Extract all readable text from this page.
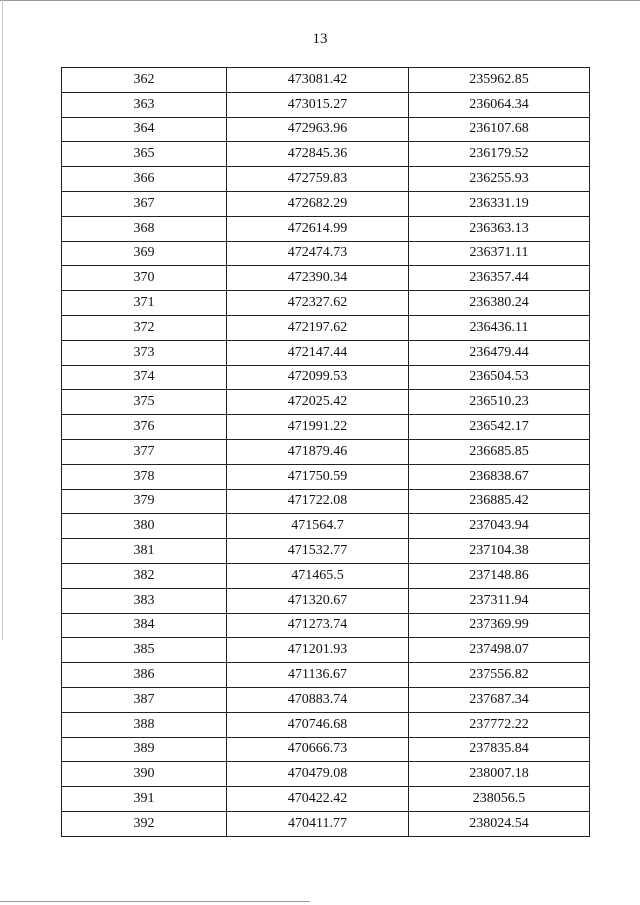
13
362	473081.42	235962.85
363	473015.27	236064.34
364	472963.96	236107.68
365	472845.36	236179.52
366	472759.83	236255.93
367	472682.29	236331.19
368	472614.99	236363.13
369	472474.73	236371.11
370	472390.34	236357.44
371	472327.62	236380.24
372	472197.62	236436.11
373	472147.44	236479.44
374	472099.53	236504.53
375	472025.42	236510.23
376	471991.22	236542.17
377	471879.46	236685.85
378	471750.59	236838.67
379	471722.08	236885.42
380	471564.7	237043.94
381	471532.77	237104.38
382	471465.5	237148.86
383	471320.67	237311.94
384	471273.74	237369.99
385	471201.93	237498.07
386	471136.67	237556.82
387	470883.74	237687.34
388	470746.68	237772.22
389	470666.73	237835.84
390	470479.08	238007.18
391	470422.42	238056.5
392	470411.77	238024.54
